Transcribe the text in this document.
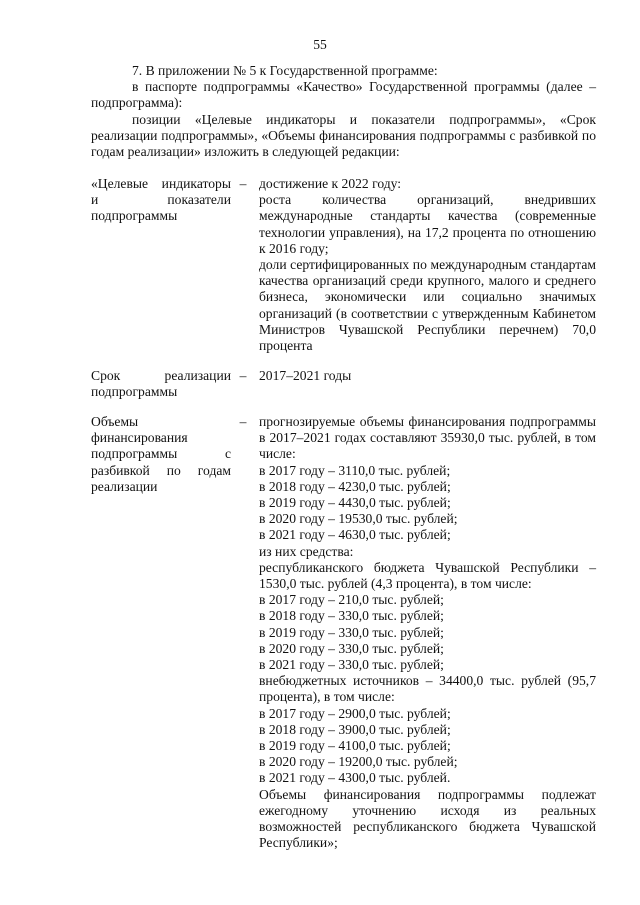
55

7. В приложении № 5 к Государственной программе:

в паспорте подпрограммы «Качество» Государственной программы (далее – подпрограмма):

позиции «Целевые индикаторы и показатели подпрограммы», «Срок реализации подпрограммы», «Объемы финансирования подпрограммы с разбивкой по годам реализации» изложить в следующей редакции:

«Целевые индикаторы и показатели подпрограммы
– достижение к 2022 году:

роста количества организаций, внедривших международные стандарты качества (современные технологии управления), на 17,2 процента по отношению к 2016 году;

доли сертифицированных по международным стандартам качества организаций среди крупного, малого и среднего бизнеса, экономически или социально значимых организаций (в соответствии с утвержденным Кабинетом Министров Чувашской Республики перечнем) 70,0 процента

Срок реализации подпрограммы
– 2017–2021 годы

Объемы финансирования подпрограммы с разбивкой по годам реализации
– прогнозируемые объемы финансирования подпрограммы в 2017–2021 годах составляют 35930,0 тыс. рублей, в том числе:

в 2017 году – 3110,0 тыс. рублей;

в 2018 году – 4230,0 тыс. рублей;

в 2019 году – 4430,0 тыс. рублей;

в 2020 году – 19530,0 тыс. рублей;

в 2021 году – 4630,0 тыс. рублей;

из них средства:

республиканского бюджета Чувашской Республики – 1530,0 тыс. рублей (4,3 процента), в том числе:

в 2017 году – 210,0 тыс. рублей;

в 2018 году – 330,0 тыс. рублей;

в 2019 году – 330,0 тыс. рублей;

в 2020 году – 330,0 тыс. рублей;

в 2021 году – 330,0 тыс. рублей;

внебюджетных источников – 34400,0 тыс. рублей (95,7 процента), в том числе:

в 2017 году – 2900,0 тыс. рублей;

в 2018 году – 3900,0 тыс. рублей;

в 2019 году – 4100,0 тыс. рублей;

в 2020 году – 19200,0 тыс. рублей;

в 2021 году – 4300,0 тыс. рублей.

Объемы финансирования подпрограммы подлежат ежегодному уточнению исходя из реальных возможностей республиканского бюджета Чувашской Республики»;
